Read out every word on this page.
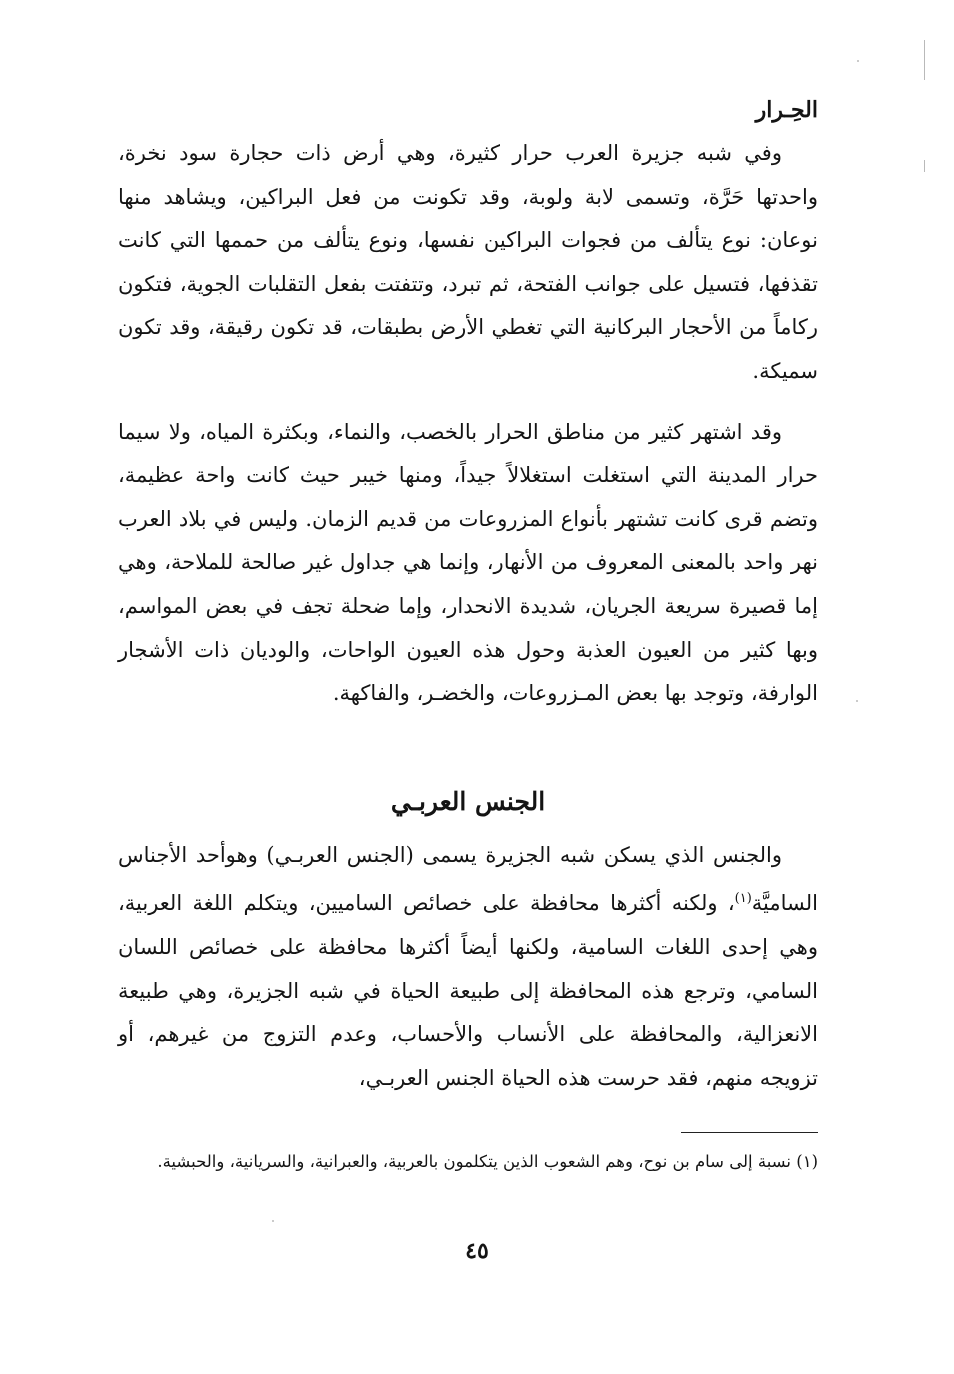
الحِـرار

وفي شبه جزيرة العرب حرار كثيرة، وهي أرض ذات حجارة سود نخرة، واحدتها حَرَّة، وتسمى لابة ولوبة، وقد تكونت من فعل البراكين، ويشاهد منها نوعان: نوع يتألف من فجوات البراكين نفسها، ونوع يتألف من حممها التي كانت تقذفها، فتسيل على جوانب الفتحة، ثم تبرد، وتتفتت بفعل التقلبات الجوية، فتكون ركاماً من الأحجار البركانية التي تغطي الأرض بطبقات، قد تكون رقيقة، وقد تكون سميكة.

وقد اشتهر كثير من مناطق الحرار بالخصب، والنماء، وبكثرة المياه، ولا سيما حرار المدينة التي استغلت استغلالاً جيداً، ومنها خيبر حيث كانت واحة عظيمة، وتضم قرى كانت تشتهر بأنواع المزروعات من قديم الزمان. وليس في بلاد العرب نهر واحد بالمعنى المعروف من الأنهار، وإنما هي جداول غير صالحة للملاحة، وهي إما قصيرة سريعة الجريان، شديدة الانحدار، وإما ضحلة تجف في بعض المواسم، وبها كثير من العيون العذبة وحول هذه العيون الواحات، والوديان ذات الأشجار الوارفة، وتوجد بها بعض المـزروعات، والخضـر، والفاكهة.

الجنس العربـي

والجنس الذي يسكن شبه الجزيرة يسمى (الجنس العربـي) وهوأحد الأجناس الساميَّة$^{(١)}$، ولكنه أكثرها محافظة على خصائص الساميين، ويتكلم اللغة العربية، وهي إحدى اللغات السامية، ولكنها أيضاً أكثرها محافظة على خصائص اللسان السامي، وترجع هذه المحافظة إلى طبيعة الحياة في شبه الجزيرة، وهي طبيعة الانعزالية، والمحافظة على الأنساب والأحساب، وعدم التزوج من غيرهم، أو تزويجه منهم، فقد حرست هذه الحياة الجنس العربـي،

(١) نسبة إلى سام بن نوح، وهم الشعوب الذين يتكلمون بالعربية، والعبرانية، والسريانية، والحبشية.
٤٥
